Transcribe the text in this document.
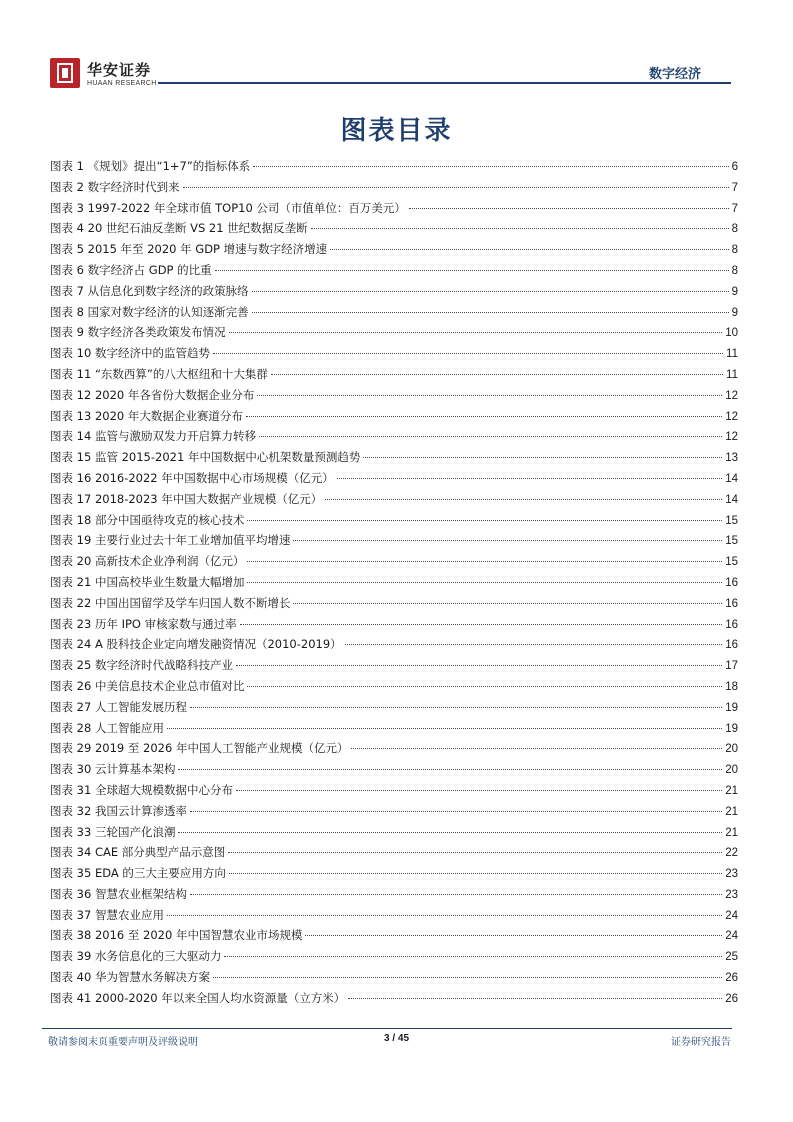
华安证券
HUAAN RESEARCH
数字经济
图表目录
图表 1 《规划》提出“1+7”的指标体系	6
图表 2 数字经济时代到来	7
图表 3 1997-2022 年全球市值 TOP10 公司（市值单位：百万美元）	7
图表 4 20 世纪石油反垄断 VS 21 世纪数据反垄断	8
图表 5 2015 年至 2020 年 GDP 增速与数字经济增速	8
图表 6 数字经济占 GDP 的比重	8
图表 7 从信息化到数字经济的政策脉络	9
图表 8 国家对数字经济的认知逐渐完善	9
图表 9 数字经济各类政策发布情况	10
图表 10 数字经济中的监管趋势	11
图表 11 “东数西算”的八大枢纽和十大集群	11
图表 12 2020 年各省份大数据企业分布	12
图表 13 2020 年大数据企业赛道分布	12
图表 14 监管与激励双发力开启算力转移	12
图表 15 监管 2015-2021 年中国数据中心机架数量预测趋势	13
图表 16 2016-2022 年中国数据中心市场规模（亿元）	14
图表 17 2018-2023 年中国大数据产业规模（亿元）	14
图表 18 部分中国亟待攻克的核心技术	15
图表 19 主要行业过去十年工业增加值平均增速	15
图表 20 高新技术企业净利润（亿元）	15
图表 21 中国高校毕业生数量大幅增加	16
图表 22 中国出国留学及学车归国人数不断增长	16
图表 23 历年 IPO 审核家数与通过率	16
图表 24 A 股科技企业定向增发融资情况（2010-2019）	16
图表 25 数字经济时代战略科技产业	17
图表 26 中美信息技术企业总市值对比	18
图表 27 人工智能发展历程	19
图表 28 人工智能应用	19
图表 29 2019 至 2026 年中国人工智能产业规模（亿元）	20
图表 30 云计算基本架构	20
图表 31 全球超大规模数据中心分布	21
图表 32 我国云计算渗透率	21
图表 33 三轮国产化浪潮	21
图表 34 CAE 部分典型产品示意图	22
图表 35 EDA 的三大主要应用方向	23
图表 36 智慧农业框架结构	23
图表 37 智慧农业应用	24
图表 38 2016 至 2020 年中国智慧农业市场规模	24
图表 39 水务信息化的三大驱动力	25
图表 40 华为智慧水务解决方案	26
图表 41 2000-2020 年以来全国人均水资源量（立方米）	26
敬请参阅末页重要声明及评级说明	3 / 45	证券研究报告
